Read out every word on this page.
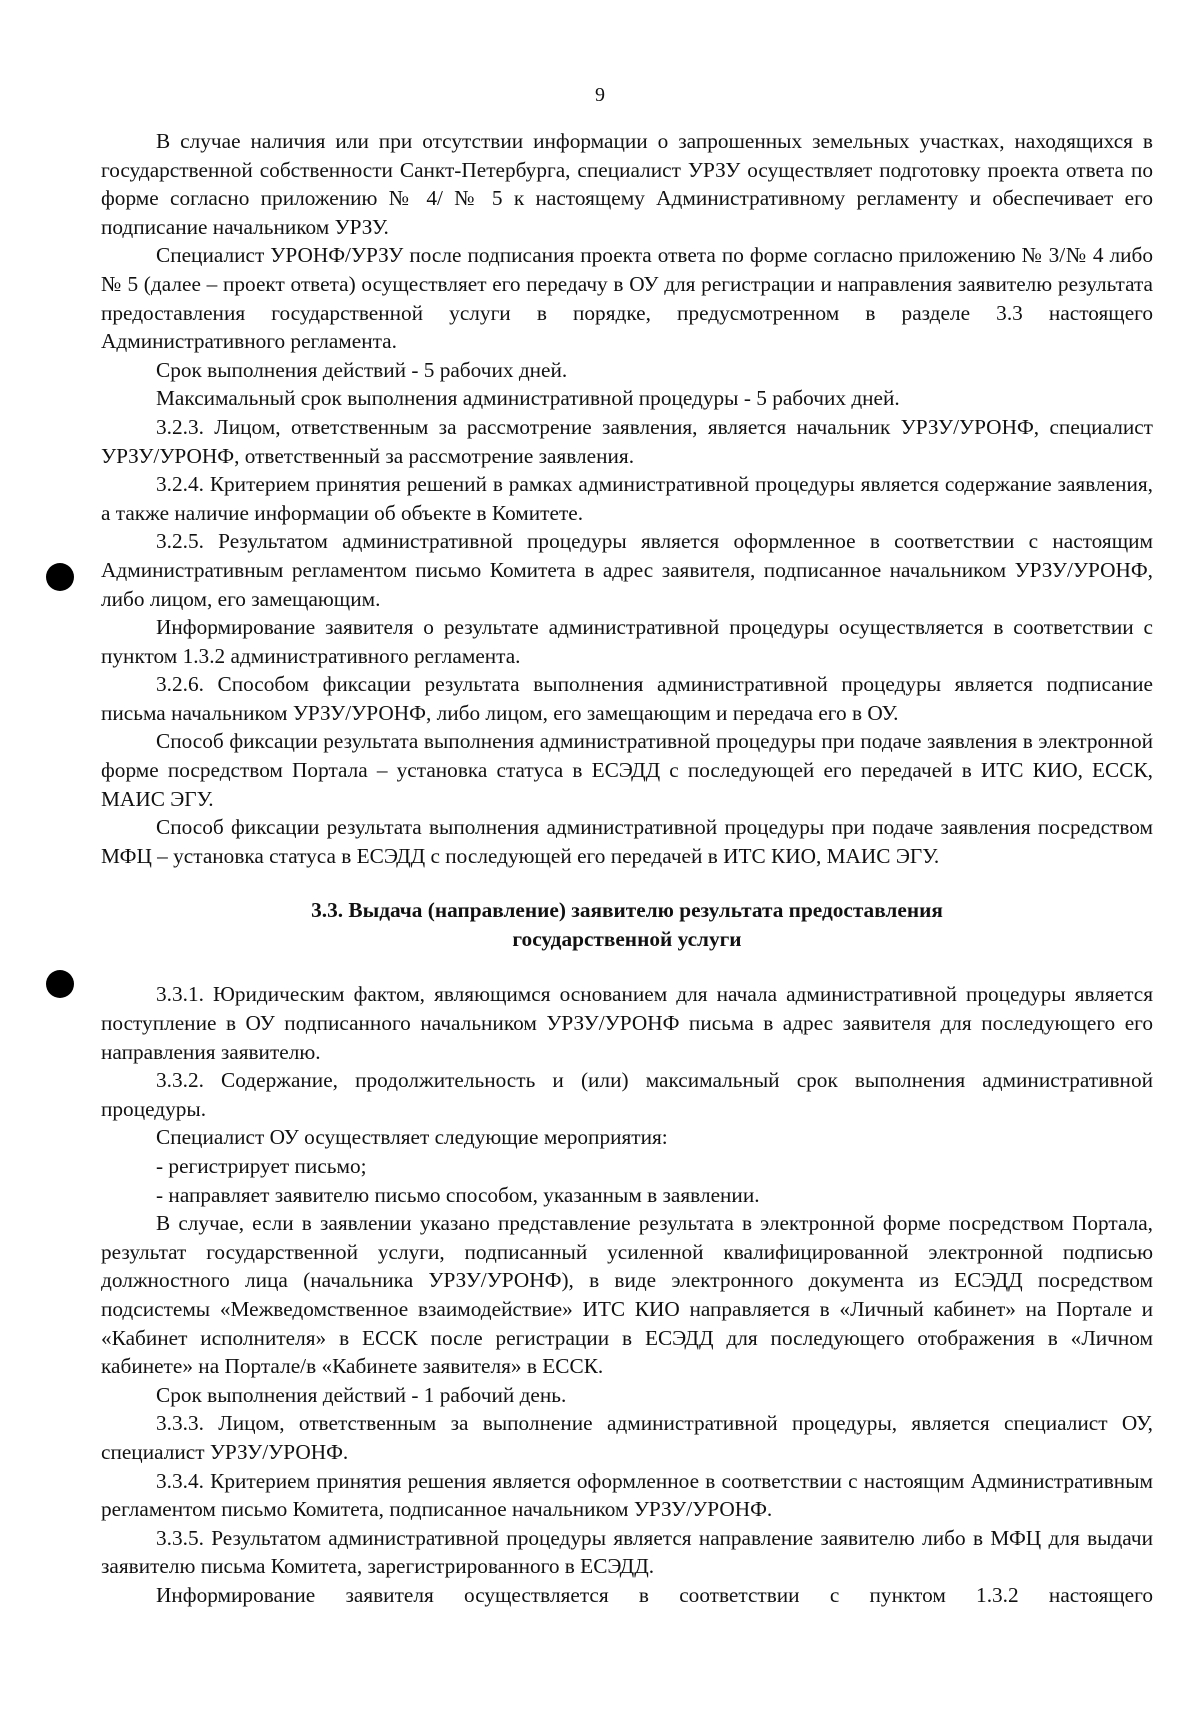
9

В случае наличия или при отсутствии информации о запрошенных земельных участках, находящихся в государственной собственности Санкт-Петербурга, специалист УРЗУ осуществляет подготовку проекта ответа по форме согласно приложению № 4/ № 5 к настоящему Административному регламенту и обеспечивает его подписание начальником УРЗУ.

Специалист УРОНФ/УРЗУ после подписания проекта ответа по форме согласно приложению № 3/№ 4 либо № 5 (далее – проект ответа) осуществляет его передачу в ОУ для регистрации и направления заявителю результата предоставления государственной услуги в порядке, предусмотренном в разделе 3.3 настоящего Административного регламента.

Срок выполнения действий - 5 рабочих дней.

Максимальный срок выполнения административной процедуры - 5 рабочих дней.

3.2.3. Лицом, ответственным за рассмотрение заявления, является начальник УРЗУ/УРОНФ, специалист УРЗУ/УРОНФ, ответственный за рассмотрение заявления.

3.2.4. Критерием принятия решений в рамках административной процедуры является содержание заявления, а также наличие информации об объекте в Комитете.

3.2.5. Результатом административной процедуры является оформленное в соответствии с настоящим Административным регламентом письмо Комитета в адрес заявителя, подписанное начальником УРЗУ/УРОНФ, либо лицом, его замещающим.

Информирование заявителя о результате административной процедуры осуществляется в соответствии с пунктом 1.3.2 административного регламента.

3.2.6. Способом фиксации результата выполнения административной процедуры является подписание письма начальником УРЗУ/УРОНФ, либо лицом, его замещающим и передача его в ОУ.

Способ фиксации результата выполнения административной процедуры при подаче заявления в электронной форме посредством Портала – установка статуса в ЕСЭДД с последующей его передачей в ИТС КИО, ЕССК, МАИС ЭГУ.

Способ фиксации результата выполнения административной процедуры при подаче заявления посредством МФЦ – установка статуса в ЕСЭДД с последующей его передачей в ИТС КИО, МАИС ЭГУ.

3.3. Выдача (направление) заявителю результата предоставления
государственной услуги

3.3.1. Юридическим фактом, являющимся основанием для начала административной процедуры является поступление в ОУ подписанного начальником УРЗУ/УРОНФ письма в адрес заявителя для последующего его направления заявителю.

3.3.2. Содержание, продолжительность и (или) максимальный срок выполнения административной процедуры.

Специалист ОУ осуществляет следующие мероприятия:

- регистрирует письмо;

- направляет заявителю письмо способом, указанным в заявлении.

В случае, если в заявлении указано представление результата в электронной форме посредством Портала, результат государственной услуги, подписанный усиленной квалифицированной электронной подписью должностного лица (начальника УРЗУ/УРОНФ), в виде электронного документа из ЕСЭДД посредством подсистемы «Межведомственное взаимодействие» ИТС КИО направляется в «Личный кабинет» на Портале и «Кабинет исполнителя» в ЕССК после регистрации в ЕСЭДД для последующего отображения в «Личном кабинете» на Портале/в «Кабинете заявителя» в ЕССК.

Срок выполнения действий - 1 рабочий день.

3.3.3. Лицом, ответственным за выполнение административной процедуры, является специалист ОУ, специалист УРЗУ/УРОНФ.

3.3.4. Критерием принятия решения является оформленное в соответствии с настоящим Административным регламентом письмо Комитета, подписанное начальником УРЗУ/УРОНФ.

3.3.5. Результатом административной процедуры является направление заявителю либо в МФЦ для выдачи заявителю письма Комитета, зарегистрированного в ЕСЭДД.

Информирование заявителя осуществляется в соответствии с пунктом 1.3.2 настоящего
